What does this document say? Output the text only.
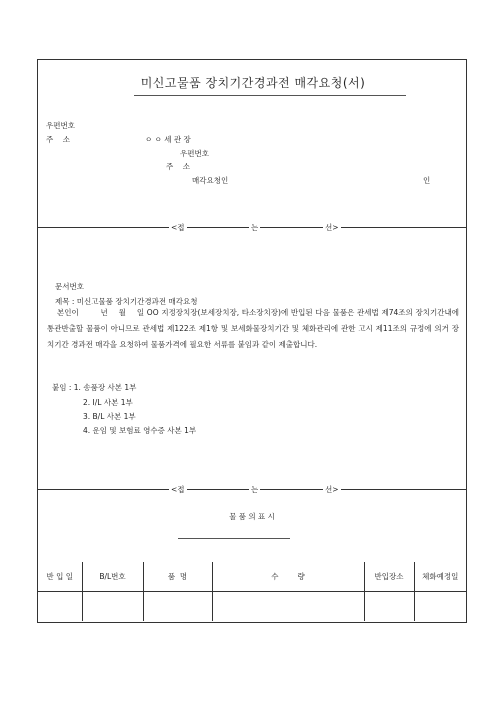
미신고물품 장치기간경과전 매각요청(서)
우편번호
주    소	ㅇ ㅇ 세 관 장
우편번호
주    소
매각요청인	인
<접	는	선>
문서번호
제목 : 미신고물품 장치기간경과전 매각요청
본인이        년    월    일 OO 지정장치장(보세장치장, 타소장치장)에 반입된 다음 물품은 관세법 제74조의 장치기간내에 통관반출할 물품이 아니므로 관세법 제122조 제1항 및 보세화물장치기간 및 체화관리에 관한 고시 제11조의 규정에 의거 장치기간 경과전 매각을 요청하여 물품가격에 필요한 서류를 붙임과 같이 제출합니다.
붙임 : 1. 송품장 사본 1부
2. I/L 사본 1부
3. B/L 사본 1부
4. 운임 및 보험료 영수증 사본 1부
<접	는	선>
물 품 의 표 시
반 입 일	B/L번호	품  명	수        량	반입장소	체화예정일
